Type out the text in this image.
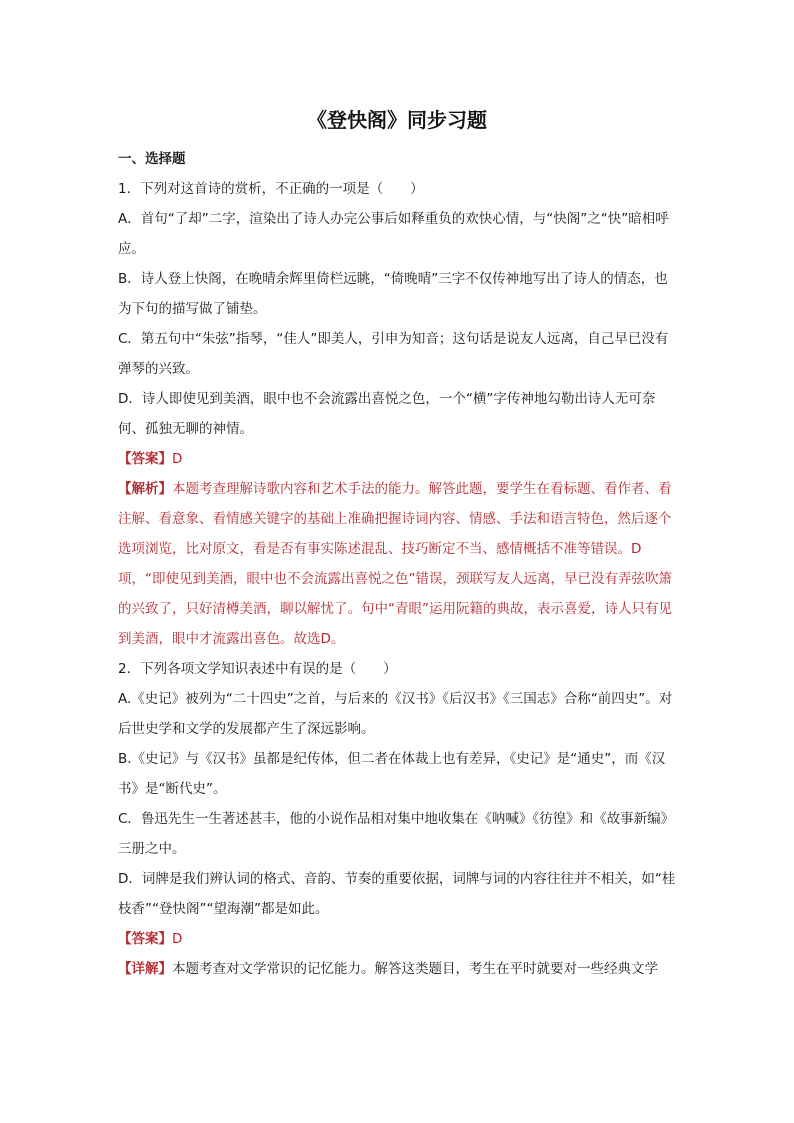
《登快阁》同步习题

一、选择题

1．下列对这首诗的赏析，不正确的一项是（　　）

A．首句“了却”二字，渲染出了诗人办完公事后如释重负的欢快心情，与“快阁”之“快”暗相呼应。

B．诗人登上快阁，在晚晴余辉里倚栏远眺，“倚晚晴”三字不仅传神地写出了诗人的情态，也为下句的描写做了铺垫。

C．第五句中“朱弦”指琴，“佳人”即美人，引申为知音；这句话是说友人远离，自己早已没有弹琴的兴致。

D．诗人即使见到美酒，眼中也不会流露出喜悦之色，一个“横”字传神地勾勒出诗人无可奈何、孤独无聊的神情。

【答案】D

【解析】本题考查理解诗歌内容和艺术手法的能力。解答此题，要学生在看标题、看作者、看注解、看意象、看情感关键字的基础上准确把握诗词内容、情感、手法和语言特色，然后逐个选项浏览，比对原文，看是否有事实陈述混乱、技巧断定不当、感情概括不准等错误。D项，“即使见到美酒，眼中也不会流露出喜悦之色”错误，颈联写友人远离，早已没有弄弦吹箫的兴致了，只好清樽美酒，聊以解忧了。句中“青眼”运用阮籍的典故，表示喜爱，诗人只有见到美酒，眼中才流露出喜色。故选D。

2．下列各项文学知识表述中有误的是（　　）

A.《史记》被列为“二十四史”之首，与后来的《汉书》《后汉书》《三国志》合称“前四史”。对后世史学和文学的发展都产生了深远影响。

B.《史记》与《汉书》虽都是纪传体，但二者在体裁上也有差异，《史记》是“通史”，而《汉书》是“断代史”。

C．鲁迅先生一生著述甚丰，他的小说作品相对集中地收集在《呐喊》《彷徨》和《故事新编》三册之中。

D．词牌是我们辨认词的格式、音韵、节奏的重要依据，词牌与词的内容往往并不相关，如“桂枝香”“登快阁”“望海潮”都是如此。

【答案】D

【详解】本题考查对文学常识的记忆能力。解答这类题目，考生在平时就要对一些经典文学
